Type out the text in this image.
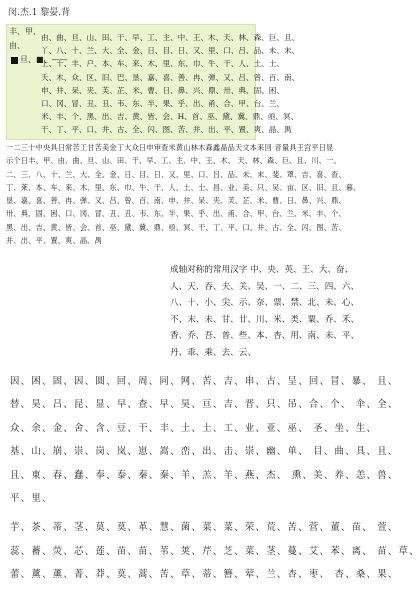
闵.杰.1 黎晏.背
丰、甲、
由、
旦、■、——
由、曲、旦、山、田、干、早、工、主、中、王、木、天、林、森、巨、且、
丫、八、十、兰、大、全、金、日、目、日、又、里、口、吕、品、未、末、
上、十、丰、户、本、车、来、木、里、东、巾、牛、干、人、土、士、
夭、木、众、区、旧、巴、垦、嘉、喜、善、冉、弹、又、吕、曾、百、南、
申、井、呆、夹、芙、芷、米、曹、日、鼻、兴、鼎、卅、典、固、困、
口、冈、冒、丑、丑、韦、东、半、果、乎、出、甬、合、甲、台、兰、
米、丰、个、黑、出、吉、黄、皆、会、H、首、巫、黛、冀、鼎、亟、冥、
干、丁、平、口、井、古、全、闪、图、苦、并、出、平、置、爽、晶、禺
一二三十中央具日常苦工甘苦美金丁大众日申审查米黄山林木森鑫晶品天文本来回 音量具王宫平日显
示个日丰、甲、由、曲、旦、山、田、干、早、工、主、中、王、木、 天、林、森、巨、且、川、一、
二、三、八、十、兰、大、全、金、日、目、日、又、里、口、吕、品、未、末、斐、罩、吉、喜、查、
丁、莱、本、车、来、木、里、东、巾、牛、干、人、土、士、昌、业、美、只、吴、亩、区、旧、且、暮、
垦、嘉、喜、善、冉、弹、又、吕、曾、百、南、申、井、呆、夹、芙、芷、米、曹、日、鼻、兴、鼎、
卅、典、固、困、口、冈、冒、丑、丑、韦、东、半、果、乎、出、甬、合、甲、台、兰、米、丰、个、
黑、出、吉、黄、皆、会、首、巫、黛、冀、鼎、亟、冥、干、丁、平、口、井、古、全、闪、图、苦、
并、出、平、置、爽、晶、禺
成轴对称的常用汉字 中、央、英、王、大、奋、
人、天、吞、夫、关、吴、一、二、三、四、六、
八、十、小、尖、示、奈、票、禁、北、未、心、
不、末、未、甘、廿、川、米、类、粟、乔、禾、
香、乔、吾、普、些、本、杏、用、南、未、平、
丹、乖、乘、去、云、
因、困、固、因、圆、回、周、同、网、苦、吉、串、古、呈、回、冒、暴、 且、
替、昊、吕、昆、显、早、查、早、昊、亘、吉、晋、只、吊、合、个、 伞、全、
众、余、金、舍、含、豆、干、丰、土、土、工、业、亚、巫、 圣、坐、生、
基、山、崩、崇、岗、岚、崽、嵩、峦、出、击、崇、幽、单、 目、曲、具、且、
且、東、春、蠢、奉、泰、秦、秦、羊、羔、羊、燕、杰、 熏、美、养、恙、兽、
平、里、
芋、茶、蒂、茎、莫、莫、革、慧、菌、菜、菜、荣、荒、苦、营、董、苗、 萱、
蕊、蓄、荧、芯、莲、苗、苗、苇、荚、芹、芝、菜、茎、蔓、艾、苯、离、 苗、草、
蕾、薰、薰、菁、莽、莫、蒿、苦、草、蒂、簪、荤、兰、杏、枣、 杏、桑、果、
